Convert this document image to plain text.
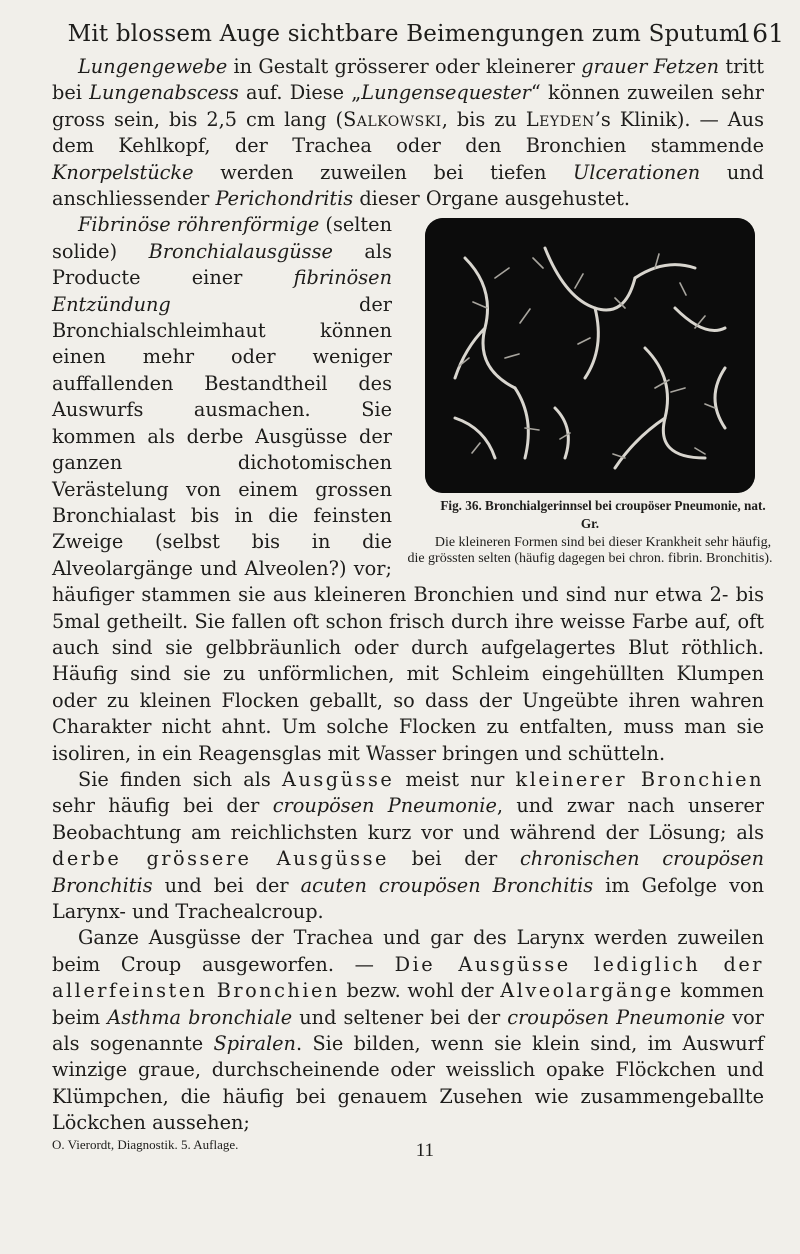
Mit blossem Auge sichtbare Beimengungen zum Sputum.
161

Lungengewebe in Gestalt grösserer oder kleinerer grauer Fetzen tritt bei Lungenabscess auf. Diese „Lungensequester“ können zuweilen sehr gross sein, bis 2,5 cm lang (Salkowski, bis zu Leyden’s Klinik). — Aus dem Kehlkopf, der Trachea oder den Bronchien stammende Knorpelstücke werden zuweilen bei tiefen Ulcerationen und anschliessender Perichondritis dieser Organe ausgehustet.

Fig. 36. Bronchialgerinnsel bei croupöser Pneumonie, nat. Gr.
Die kleineren Formen sind bei dieser Krankheit sehr häufig, die grössten selten (häufig dagegen bei chron. fibrin. Bronchitis).
Fibrinöse röhrenförmige (selten solide) Bronchialausgüsse als Producte einer fibrinösen Entzündung der Bronchialschleimhaut können einen mehr oder weniger auffallenden Bestandtheil des Auswurfs ausmachen. Sie kommen als derbe Ausgüsse der ganzen dichotomischen Verästelung von einem grossen Bronchialast bis in die feinsten Zweige (selbst bis in die Alveolargänge und Alveolen?) vor; häufiger stammen sie aus kleineren Bronchien und sind nur etwa 2- bis 5mal getheilt. Sie fallen oft schon frisch durch ihre weisse Farbe auf, oft auch sind sie gelbbräunlich oder durch aufgelagertes Blut röthlich. Häufig sind sie zu unförmlichen, mit Schleim eingehüllten Klumpen oder zu kleinen Flocken geballt, so dass der Ungeübte ihren wahren Charakter nicht ahnt. Um solche Flocken zu entfalten, muss man sie isoliren, in ein Reagensglas mit Wasser bringen und schütteln.

Sie finden sich als Ausgüsse meist nur kleinerer Bronchien sehr häufig bei der croupösen Pneumonie, und zwar nach unserer Beobachtung am reichlichsten kurz vor und während der Lösung; als derbe grössere Ausgüsse bei der chronischen croupösen Bronchitis und bei der acuten croupösen Bronchitis im Gefolge von Larynx- und Trachealcroup.

Ganze Ausgüsse der Trachea und gar des Larynx werden zuweilen beim Croup ausgeworfen. — Die Ausgüsse lediglich der allerfeinsten Bronchien bezw. wohl der Alveolargänge kommen beim Asthma bronchiale und seltener bei der croupösen Pneumonie vor als sogenannte Spiralen. Sie bilden, wenn sie klein sind, im Auswurf winzige graue, durchscheinende oder weisslich opake Flöckchen und Klümpchen, die häufig bei genauem Zusehen wie zusammengeballte Löckchen aussehen;

O. Vierordt, Diagnostik. 5. Auflage.	11
